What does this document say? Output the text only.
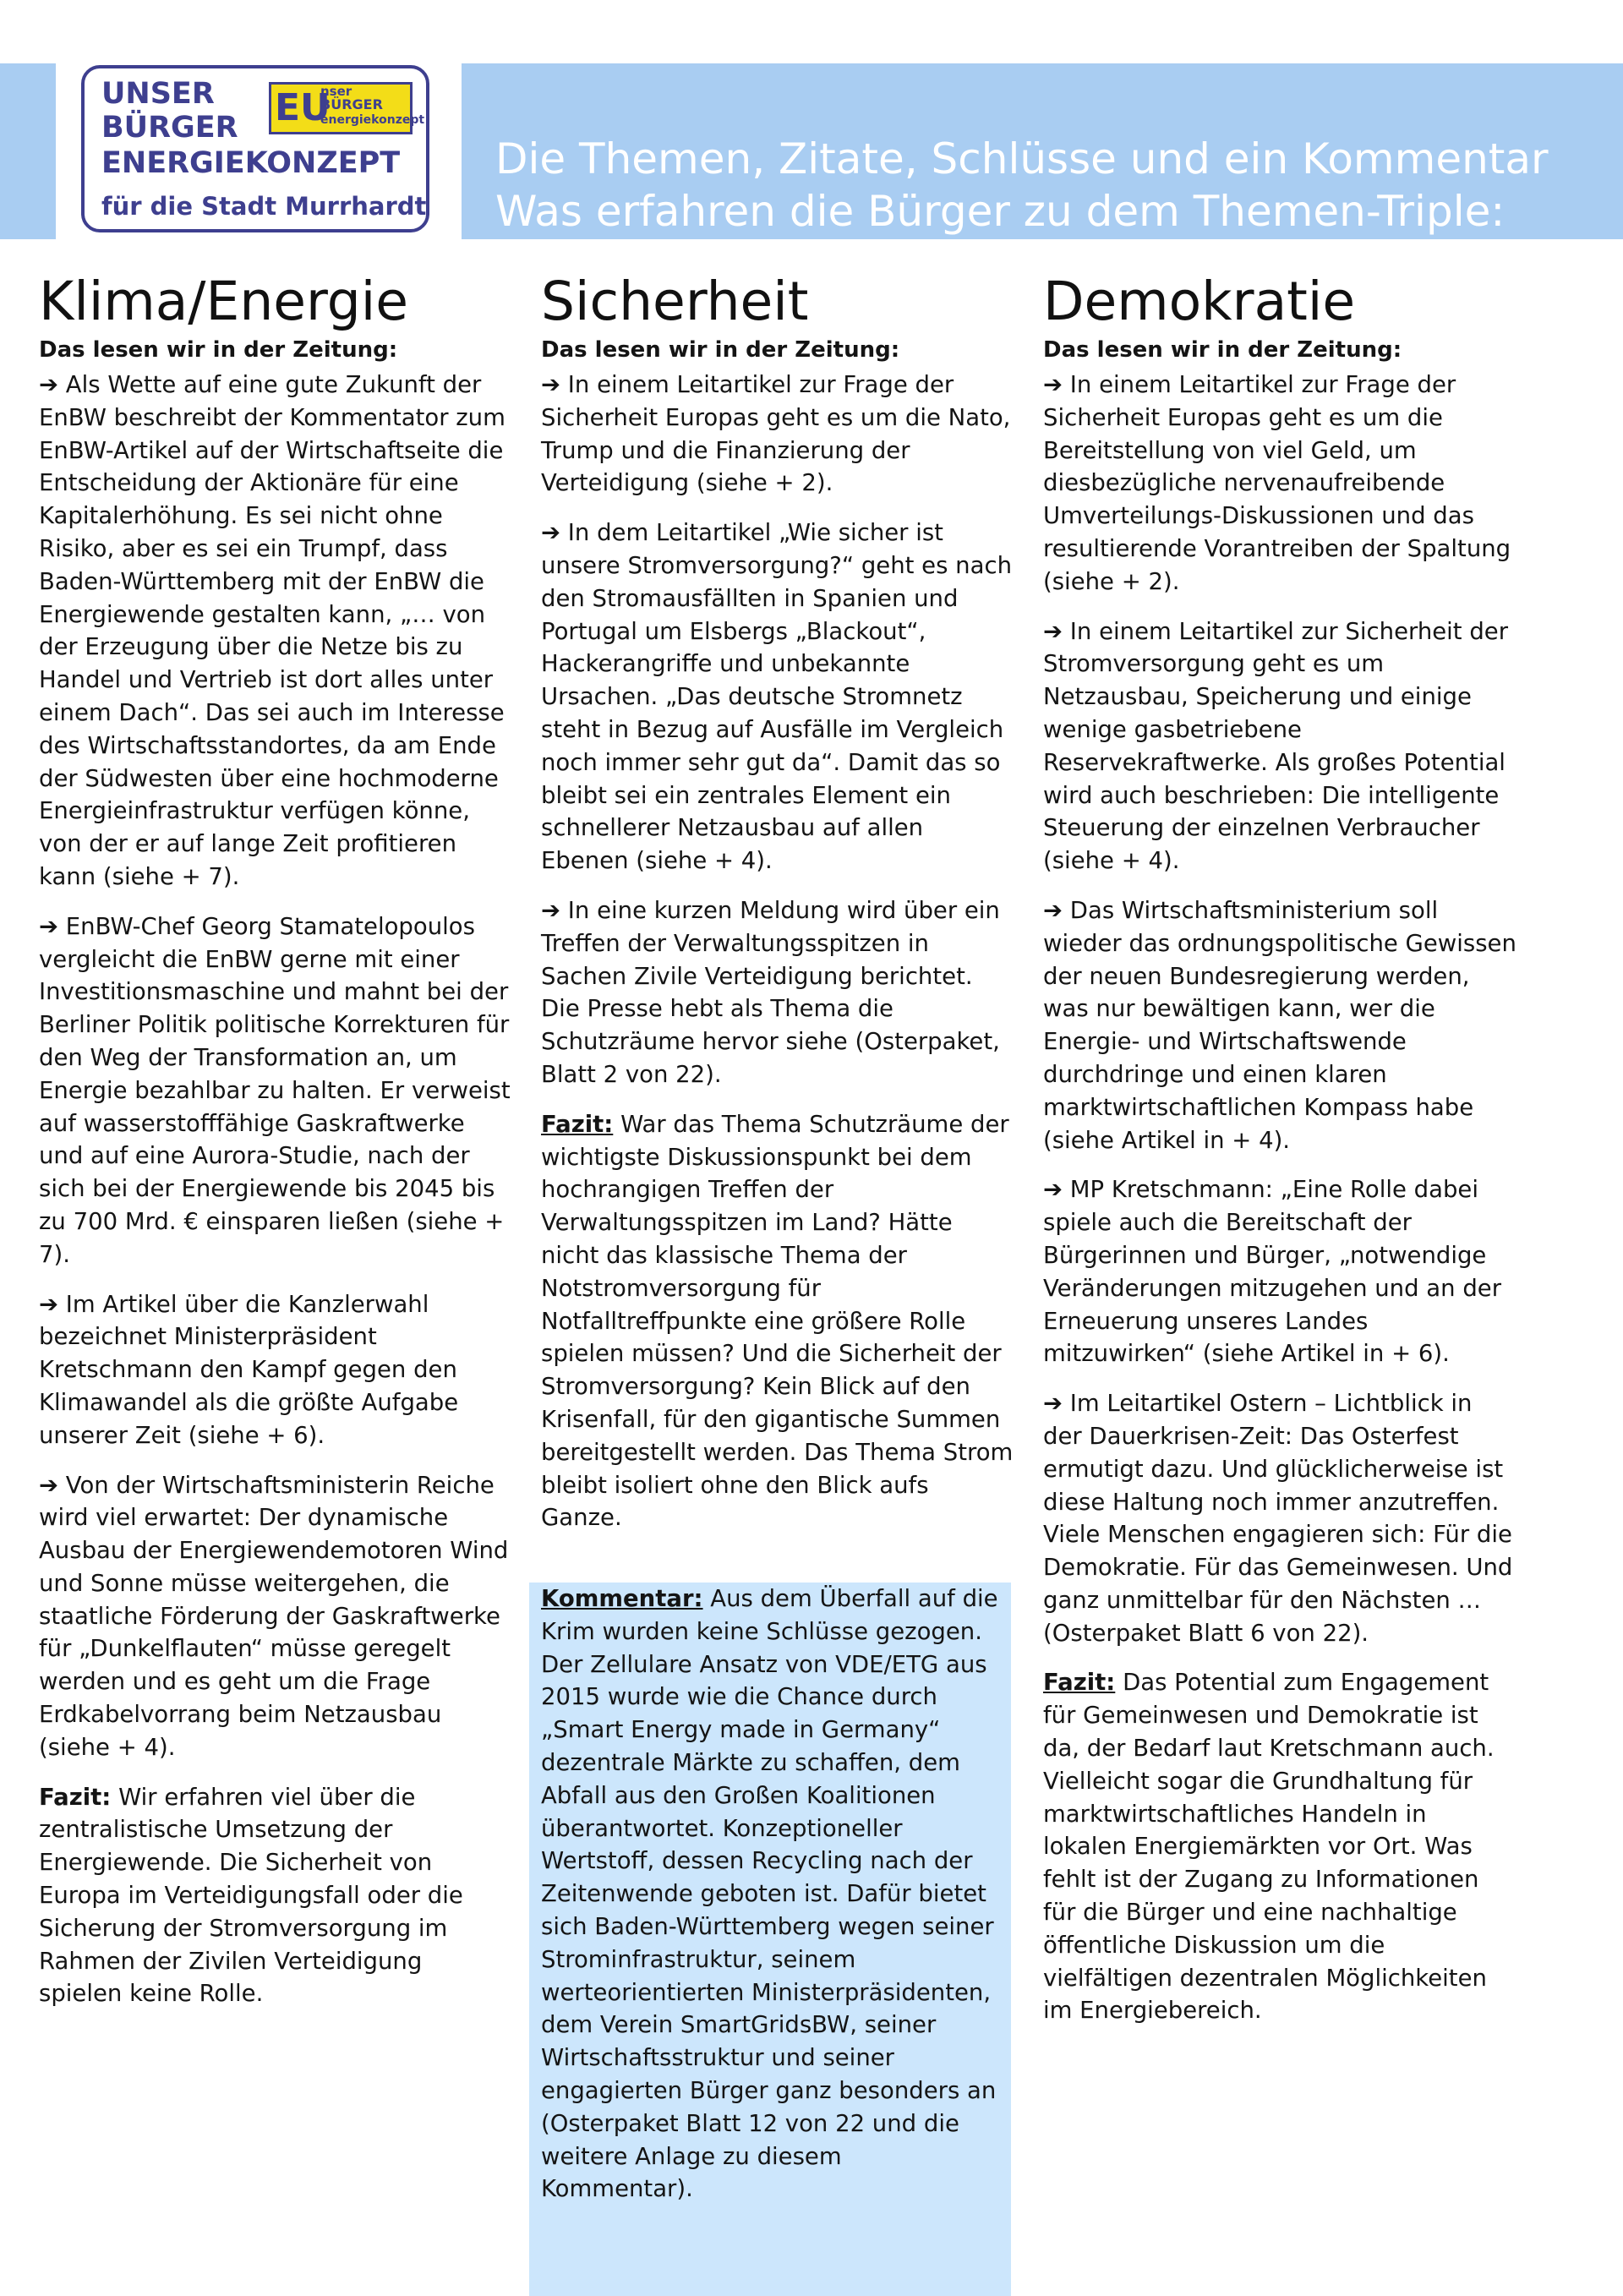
Die Themen, Zitate, Schlüsse und ein Kommentar
Was erfahren die Bürger zu dem Themen-Triple:
Klima/Energie – Sicherheit – Demokratie?
UNSER
BÜRGER
ENERGIEKONZEPT
für die Stadt Murrhardt
EU
nser
BÜRGER
energiekonzept
Klima/Energie
Das lesen wir in der Zeitung:

➔ Als Wette auf eine gute Zukunft der EnBW beschreibt der Kommentator zum EnBW-Artikel auf der Wirtschaftseite die Entscheidung der Aktionäre für eine Kapitalerhöhung. Es sei nicht ohne Risiko, aber es sei ein Trumpf, dass Baden-Württemberg mit der EnBW die Energiewende gestalten kann, „… von der Erzeugung über die Netze bis zu Handel und Vertrieb ist dort alles unter einem Dach“. Das sei auch im Interesse des Wirtschaftsstandortes, da am Ende der Südwesten über eine hochmoderne Energieinfrastruktur verfügen könne, von der er auf lange Zeit profitieren kann (siehe + 7).

➔ EnBW-Chef Georg Stamatelopoulos vergleicht die EnBW gerne mit einer Investitionsmaschine und mahnt bei der Berliner Politik politische Korrekturen für den Weg der Transformation an, um Energie bezahlbar zu halten. Er verweist auf wasserstofffähige Gaskraftwerke und auf eine Aurora-Studie, nach der sich bei der Energiewende bis 2045 bis zu 700 Mrd. € einsparen ließen (siehe + 7).

➔ Im Artikel über die Kanzlerwahl bezeichnet Ministerpräsident Kretschmann den Kampf gegen den Klimawandel als die größte Aufgabe unserer Zeit (siehe + 6).

➔ Von der Wirtschaftsministerin Reiche wird viel erwartet: Der dynamische Ausbau der Energiewendemotoren Wind und Sonne müsse weitergehen, die staatliche Förderung der Gaskraftwerke für „Dunkelflauten“ müsse geregelt werden und es geht um die Frage Erdkabelvorrang beim Netzausbau (siehe + 4).

Fazit: Wir erfahren viel über die zentralistische Umsetzung der Energiewende. Die Sicherheit von Europa im Verteidigungsfall oder die Sicherung der Stromversorgung im Rahmen der Zivilen Verteidigung spielen keine Rolle.

Kommentar: Aus dem Überfall auf die Krim wurden keine Schlüsse gezogen. Der Zellulare Ansatz von VDE/ETG aus 2015 wurde wie die Chance durch „Smart Energy made in Germany“ dezentrale Märkte zu schaffen, dem Abfall aus den Großen Koalitionen überantwortet. Konzeptioneller Wertstoff, dessen Recycling nach der Zeitenwende geboten ist. Dafür bietet sich Baden-Württemberg wegen seiner Strominfrastruktur, seinem werteorientierten Ministerpräsidenten, dem Verein SmartGridsBW, seiner Wirtschaftsstruktur und seiner engagierten Bürger ganz besonders an (Osterpaket Blatt 12 von 22 und die weitere Anlage zu diesem Kommentar).

Sicherheit
Das lesen wir in der Zeitung:

➔ In einem Leitartikel zur Frage der Sicherheit Europas geht es um die Nato, Trump und die Finanzierung der Verteidigung (siehe + 2).

➔ In dem Leitartikel „Wie sicher ist unsere Stromversorgung?“ geht es nach den Stromausfällten in Spanien und Portugal um Elsbergs „Blackout“, Hackerangriffe und unbekannte Ursachen. „Das deutsche Stromnetz steht in Bezug auf Ausfälle im Vergleich noch immer sehr gut da“. Damit das so bleibt sei ein zentrales Element ein schnellerer Netzausbau auf allen Ebenen (siehe + 4).

➔ In eine kurzen Meldung wird über ein Treffen der Verwaltungsspitzen in Sachen Zivile Verteidigung berichtet. Die Presse hebt als Thema die Schutzräume hervor siehe (Osterpaket, Blatt 2 von 22).

Fazit: War das Thema Schutzräume der wichtigste Diskussionspunkt bei dem hochrangigen Treffen der Verwaltungsspitzen im Land? Hätte nicht das klassische Thema der Notstromversorgung für Notfalltreffpunkte eine größere Rolle spielen müssen? Und die Sicherheit der Stromversorgung? Kein Blick auf den Krisenfall, für den gigantische Summen bereitgestellt werden. Das Thema Strom bleibt isoliert ohne den Blick aufs Ganze.

Demokratie
Das lesen wir in der Zeitung:

➔ In einem Leitartikel zur Frage der Sicherheit Europas geht es um die Bereitstellung von viel Geld, um diesbezügliche nervenaufreibende Umverteilungs-Diskussionen und das resultierende Vorantreiben der Spaltung (siehe + 2).

➔ In einem Leitartikel zur Sicherheit der Stromversorgung geht es um Netzausbau, Speicherung und einige wenige gasbetriebene Reservekraftwerke. Als großes Potential wird auch beschrieben: Die intelligente Steuerung der einzelnen Verbraucher (siehe + 4).

➔ Das Wirtschaftsministerium soll wieder das ordnungspolitische Gewissen der neuen Bundesregierung werden, was nur bewältigen kann, wer die Energie- und Wirtschaftswende durchdringe und einen klaren marktwirtschaftlichen Kompass habe (siehe Artikel in + 4).

➔ MP Kretschmann: „Eine Rolle dabei spiele auch die Bereitschaft der Bürgerinnen und Bürger, „notwendige Veränderungen mitzugehen und an der Erneuerung unseres Landes mitzuwirken“ (siehe Artikel in + 6).

➔ Im Leitartikel Ostern – Lichtblick in der Dauerkrisen-Zeit: Das Osterfest ermutigt dazu. Und glücklicherweise ist diese Haltung noch immer anzutreffen. Viele Menschen engagieren sich: Für die Demokratie. Für das Gemeinwesen. Und ganz unmittelbar für den Nächsten … (Osterpaket Blatt 6 von 22).

Fazit: Das Potential zum Engagement für Gemeinwesen und Demokratie ist da, der Bedarf laut Kretschmann auch. Vielleicht sogar die Grundhaltung für marktwirtschaftliches Handeln in lokalen Energiemärkten vor Ort. Was fehlt ist der Zugang zu Informationen für die Bürger und eine nachhaltige öffentliche Diskussion um die vielfältigen dezentralen Möglichkeiten im Energiebereich.
